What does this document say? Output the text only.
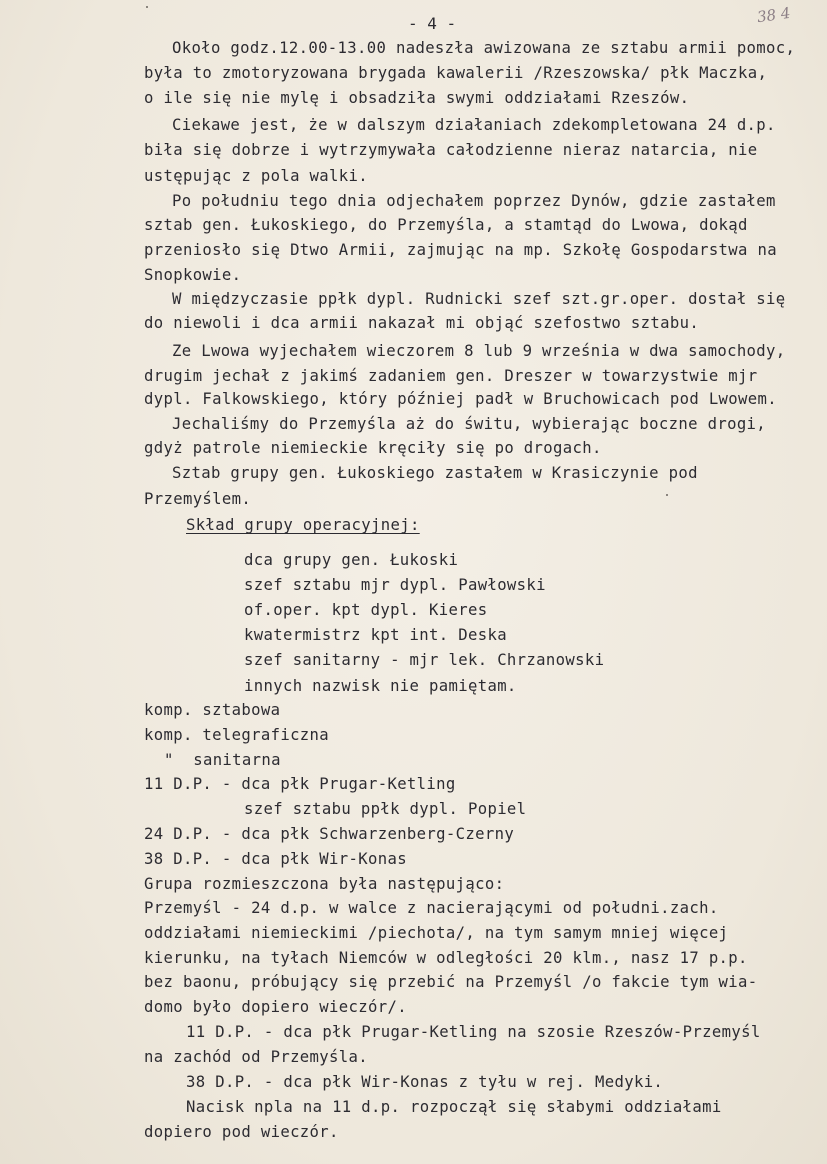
38 4
- 4 -
Około godz.12.00-13.00 nadeszła awizowana ze sztabu armii pomoc,
była to zmotoryzowana brygada kawalerii /Rzeszowska/ płk Maczka,
o ile się nie mylę i obsadziła swymi oddziałami Rzeszów.
Ciekawe jest, że w dalszym działaniach zdekompletowana 24 d.p.
biła się dobrze i wytrzymywała całodzienne nieraz natarcia, nie
ustępując z pola walki.
Po południu tego dnia odjechałem poprzez Dynów, gdzie zastałem
sztab gen. Łukoskiego, do Przemyśla, a stamtąd do Lwowa, dokąd
przeniosło się Dtwo Armii, zajmując na mp. Szkołę Gospodarstwa na
Snopkowie.
W międzyczasie ppłk dypl. Rudnicki szef szt.gr.oper. dostał się
do niewoli i dca armii nakazał mi objąć szefostwo sztabu.
Ze Lwowa wyjechałem wieczorem 8 lub 9 września w dwa samochody,
drugim jechał z jakimś zadaniem gen. Dreszer w towarzystwie mjr
dypl. Falkowskiego, który później padł w Bruchowicach pod Lwowem.
Jechaliśmy do Przemyśla aż do świtu, wybierając boczne drogi,
gdyż patrole niemieckie kręciły się po drogach.
Sztab grupy gen. Łukoskiego zastałem w Krasiczynie pod
Przemyślem.
Skład grupy operacyjnej:
dca grupy gen. Łukoski
szef sztabu mjr dypl. Pawłowski
of.oper. kpt dypl. Kieres
kwatermistrz kpt int. Deska
szef sanitarny - mjr lek. Chrzanowski
innych nazwisk nie pamiętam.
komp. sztabowa
komp. telegraficzna
"  sanitarna
11 D.P. - dca płk Prugar-Ketling
szef sztabu ppłk dypl. Popiel
24 D.P. - dca płk Schwarzenberg-Czerny
38 D.P. - dca płk Wir-Konas
Grupa rozmieszczona była następująco:
Przemyśl - 24 d.p. w walce z nacierającymi od południ.zach.
oddziałami niemieckimi /piechota/, na tym samym mniej więcej
kierunku, na tyłach Niemców w odległości 20 klm., nasz 17 p.p.
bez baonu, próbujący się przebić na Przemyśl /o fakcie tym wia-
domo było dopiero wieczór/.
11 D.P. - dca płk Prugar-Ketling na szosie Rzeszów-Przemyśl
na zachód od Przemyśla.
38 D.P. - dca płk Wir-Konas z tyłu w rej. Medyki.
Nacisk npla na 11 d.p. rozpoczął się słabymi oddziałami
dopiero pod wieczór.
